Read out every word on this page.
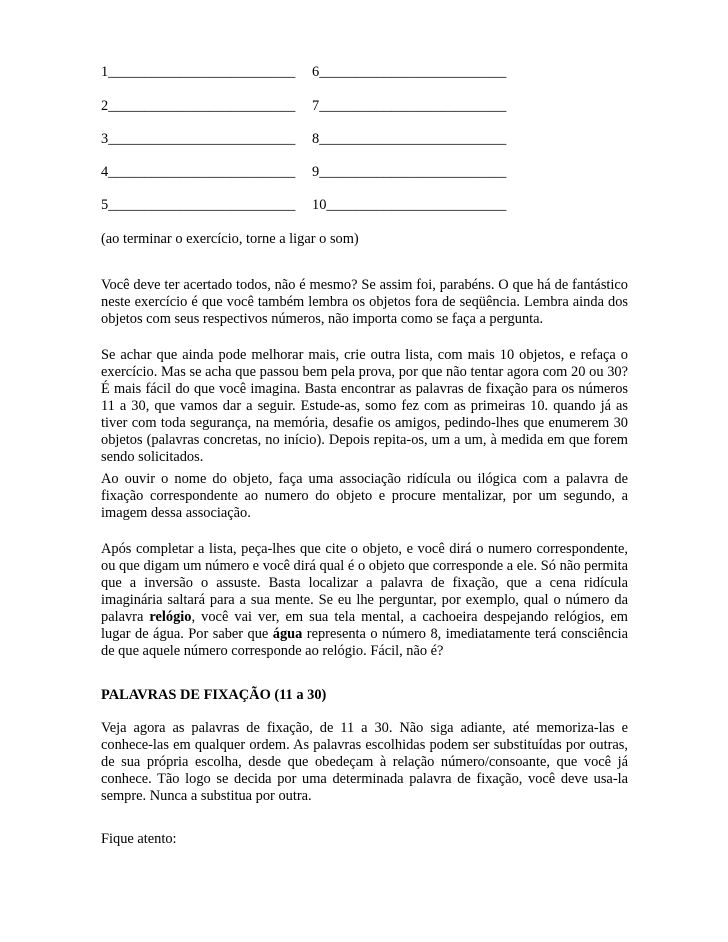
1__________________________ 6__________________________
2__________________________ 7__________________________
3__________________________ 8__________________________
4__________________________ 9__________________________
5__________________________ 10_________________________
(ao terminar o exercício, torne a ligar o som)

Você deve ter acertado todos, não é mesmo? Se assim foi, parabéns. O que há de fantástico neste exercício é que você também lembra os objetos fora de seqüência. Lembra ainda dos objetos com seus respectivos números, não importa como se faça a pergunta.

Se achar que ainda pode melhorar mais, crie outra lista, com mais 10 objetos, e refaça o exercício. Mas se acha que passou bem pela prova, por que não tentar agora com 20 ou 30? É mais fácil do que você imagina. Basta encontrar as palavras de fixação para os números 11 a 30, que vamos dar a seguir. Estude-as, somo fez com as primeiras 10. quando já as tiver com toda segurança, na memória, desafie os amigos, pedindo-lhes que enumerem 30 objetos (palavras concretas, no início). Depois repita-os, um a um, à medida em que forem sendo solicitados.

Ao ouvir o nome do objeto, faça uma associação ridícula ou ilógica com a palavra de fixação correspondente ao numero do objeto e procure mentalizar, por um segundo, a imagem dessa associação.

Após completar a lista, peça-lhes que cite o objeto, e você dirá o numero correspondente, ou que digam um número e você dirá qual é o objeto que corresponde a ele. Só não permita que a inversão o assuste. Basta localizar a palavra de fixação, que a cena ridícula imaginária saltará para a sua mente. Se eu lhe perguntar, por exemplo, qual o número da palavra relógio, você vai ver, em sua tela mental, a cachoeira despejando relógios, em lugar de água. Por saber que água representa o número 8, imediatamente terá consciência de que aquele número corresponde ao relógio. Fácil, não é?

PALAVRAS DE FIXAÇÃO (11 a 30)

Veja agora as palavras de fixação, de 11 a 30. Não siga adiante, até memoriza-las e conhece-las em qualquer ordem. As palavras escolhidas podem ser substituídas por outras, de sua própria escolha, desde que obedeçam à relação número/consoante, que você já conhece. Tão logo se decida por uma determinada palavra de fixação, você deve usa-la sempre. Nunca a substitua por outra.

Fique atento:
